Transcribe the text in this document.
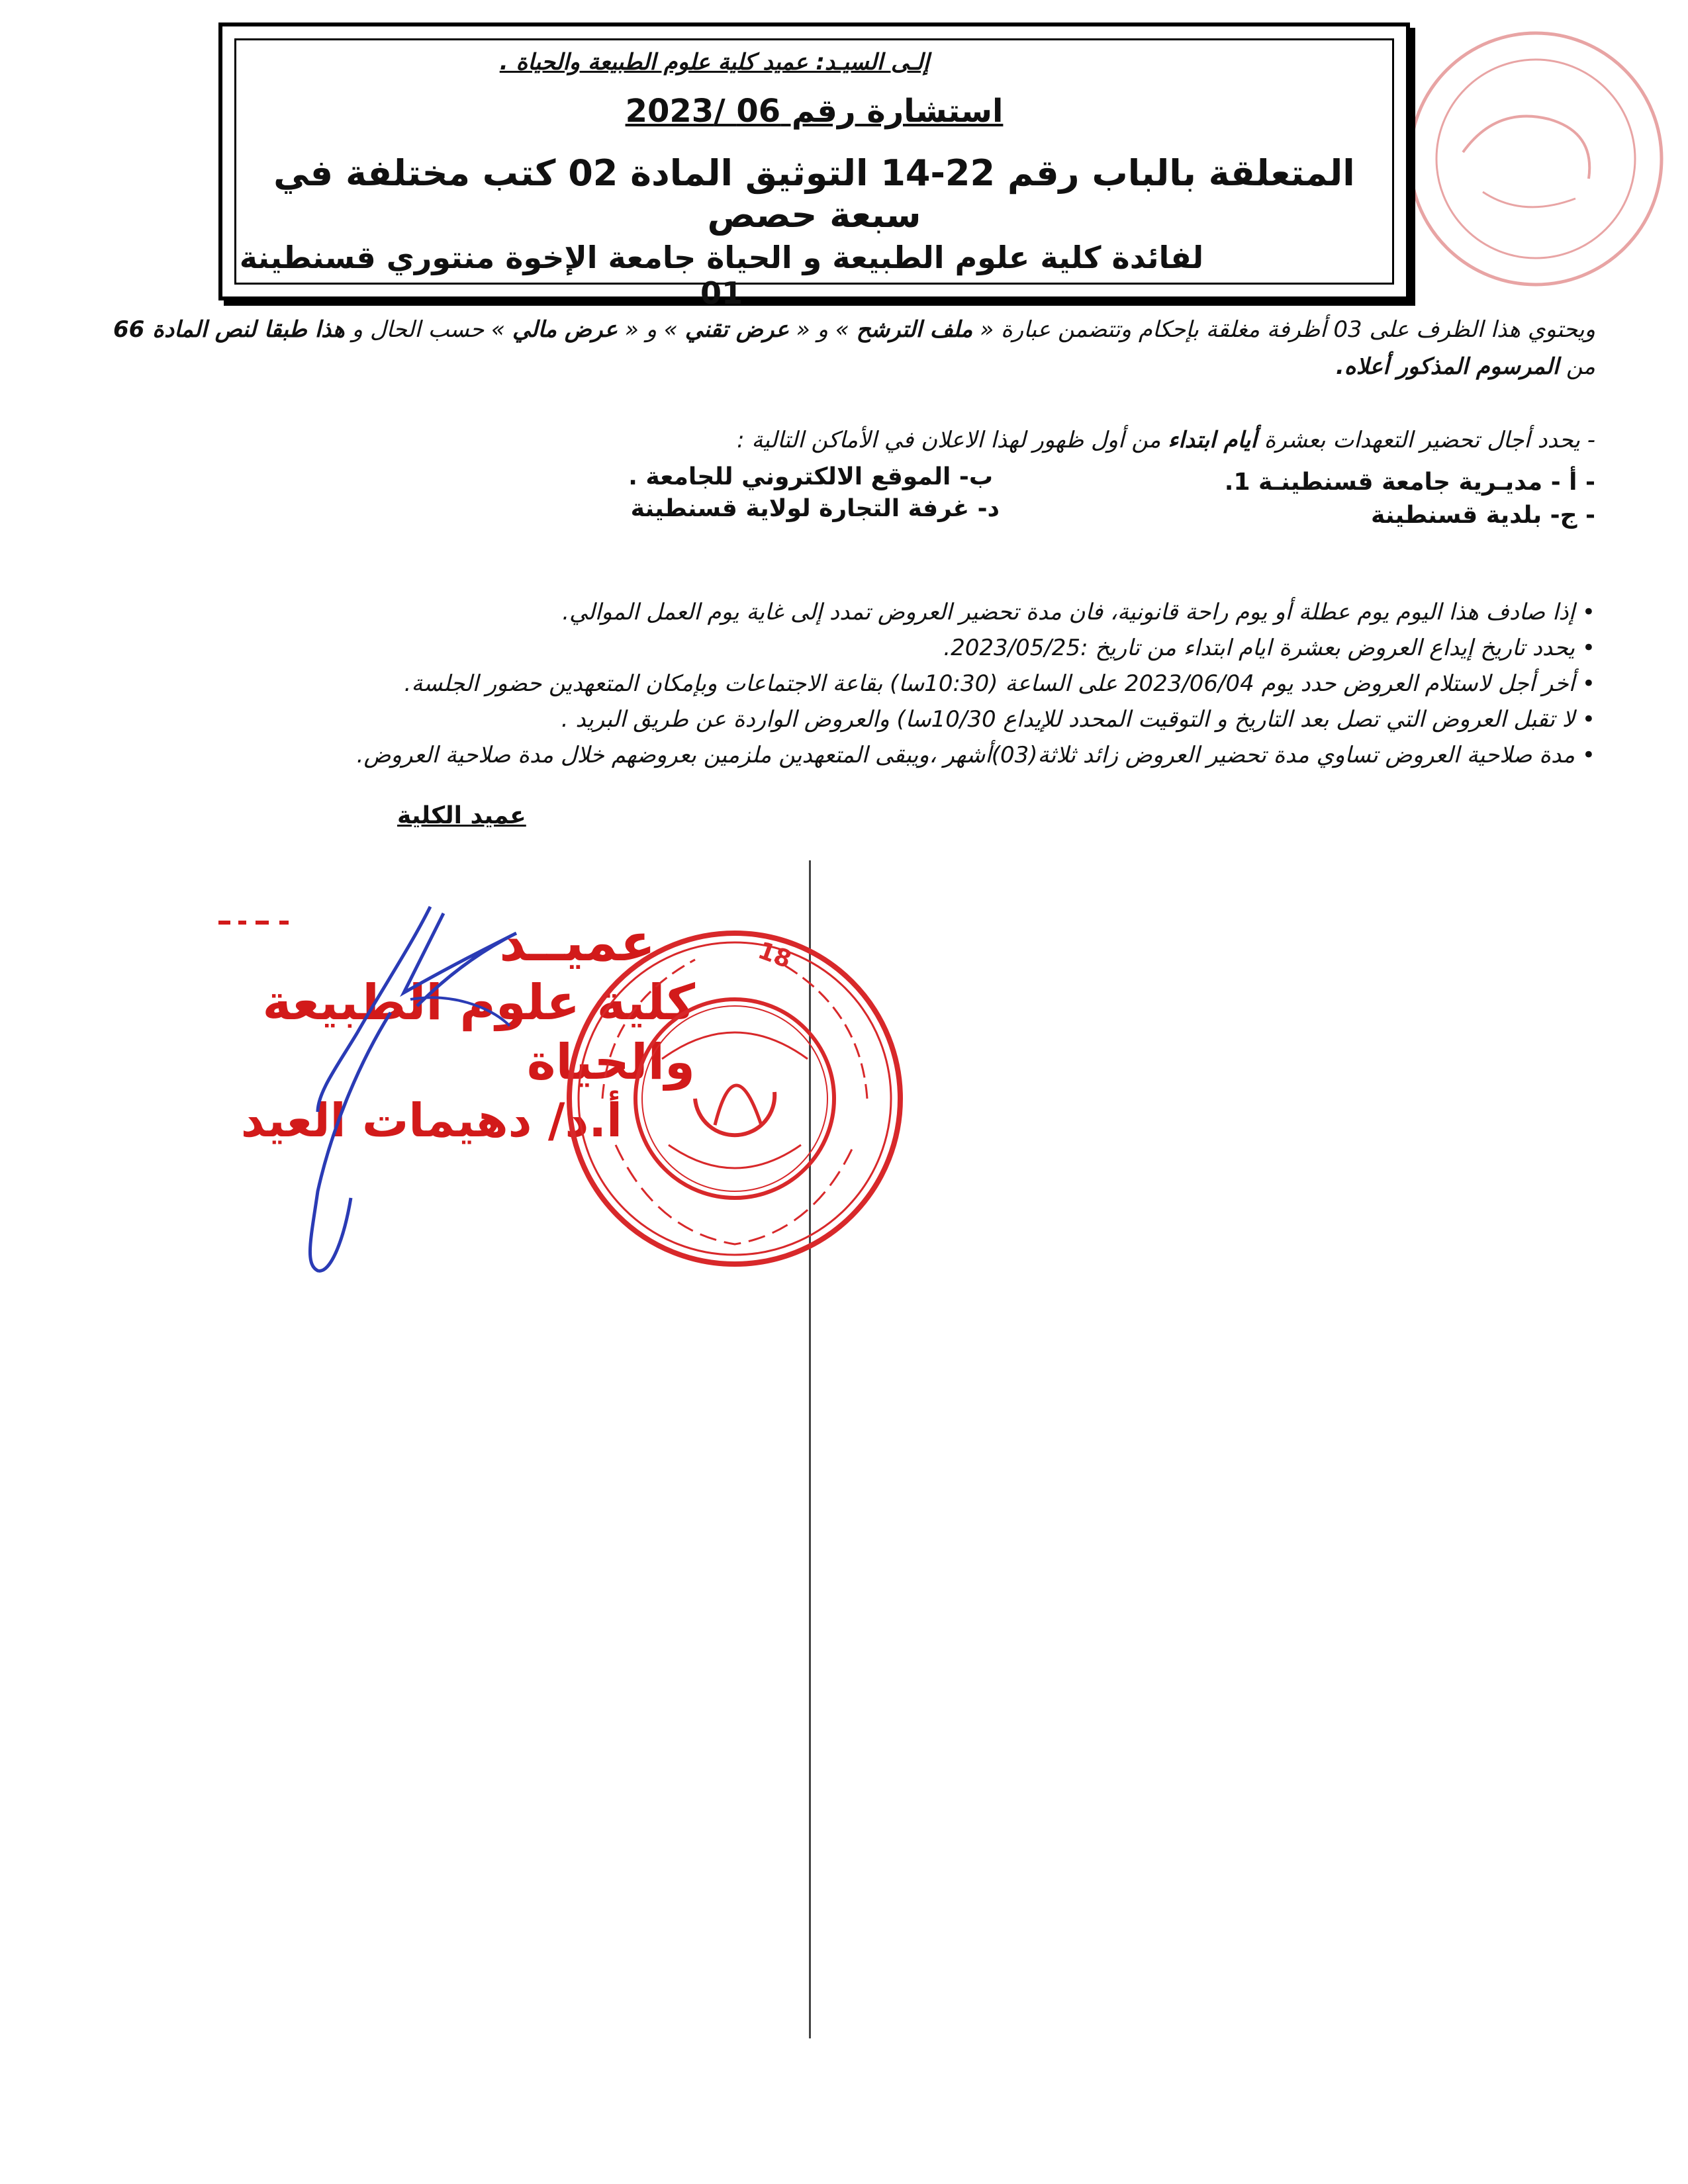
إلـى السيـد: عميد كلية علوم الطبيعة والحياة .
استشارة رقم 06 /2023
المتعلقة بالباب رقم 22-14 التوثيق المادة 02 كتب مختلفة في سبعة حصص
لفائدة كلية علوم الطبيعة و الحياة جامعة الإخوة منتوري قسنطينة 01
ويحتوي هذا الظرف على 03 أظرفة مغلقة بإحكام وتتضمن عبارة « ملف الترشح » و « عرض تقني » و « عرض مالي » حسب الحال و هذا طبقا لنص المادة 66
من المرسوم المذكور أعلاه.
- يحدد أجال تحضير التعهدات بعشرة أيام ابتداء من أول ظهور لهذا الاعلان في الأماكن التالية :
- أ - مديـرية جامعة قسنطينـة 1.
ب- الموقع الالكتروني للجامعة .
- ج- بلدية قسنطينة
د- غرفة التجارة لولاية قسنطينة
• إذا صادف هذا اليوم يوم عطلة أو يوم راحة قانونية، فان مدة تحضير العروض تمدد إلى غاية يوم العمل الموالي.
• يحدد تاريخ إيداع العروض بعشرة ايام ابتداء من تاريخ :2023/05/25.
• أخر أجل لاستلام العروض حدد يوم 2023/06/04 على الساعة (10:30سا) بقاعة الاجتماعات وبإمكان المتعهدين حضور الجلسة.
• لا تقبل العروض التي تصل بعد التاريخ و التوقيت المحدد للإيداع 10/30سا) والعروض الواردة عن طريق البريد .
• مدة صلاحية العروض تساوي مدة تحضير العروض زائد ثلاثة(03)أشهر ،ويبقى المتعهدين ملزمين بعروضهم خلال مدة صلاحية العروض.
عميد الكلية
عميــد
كلية علوم الطبيعة والحياة
أ.د/ دهيمات العيد
18
